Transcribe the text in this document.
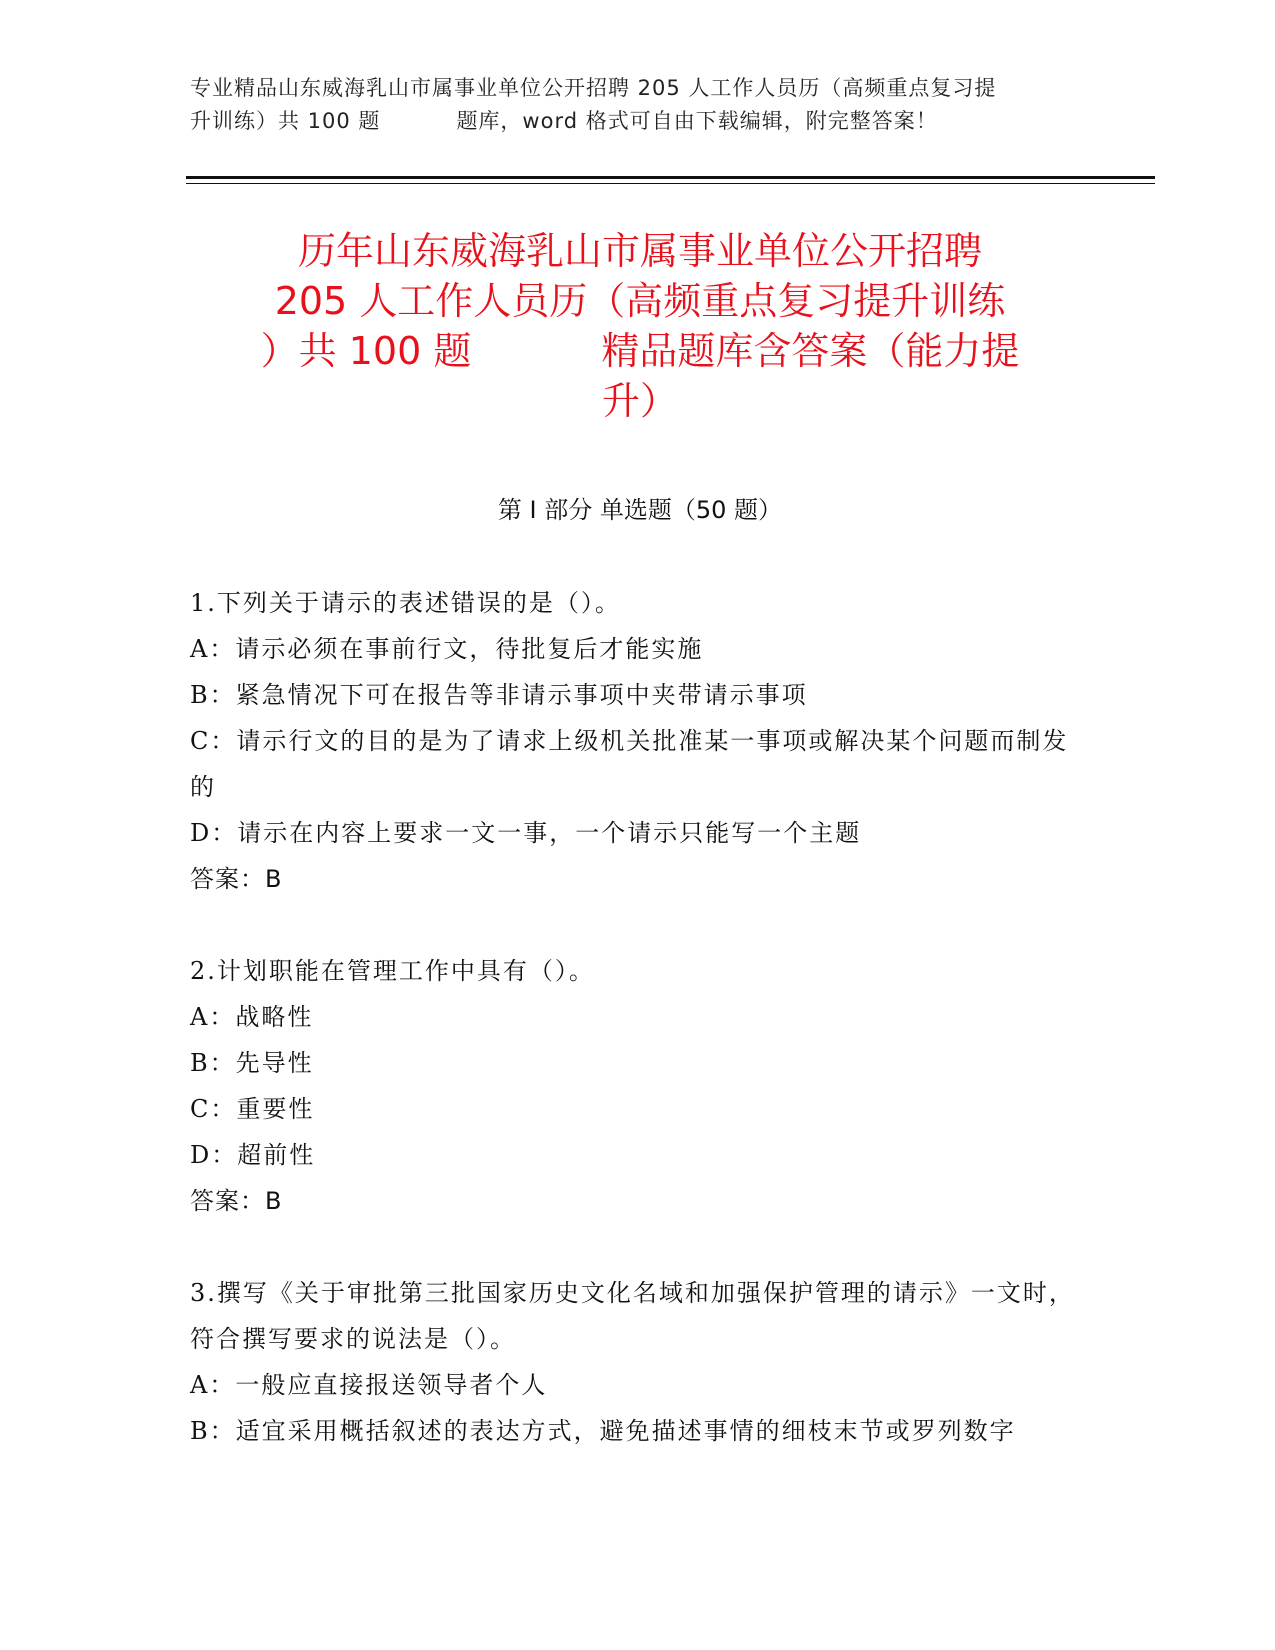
专业精品山东威海乳山市属事业单位公开招聘 205 人工作人员历（高频重点复习提
升训练）共 100 题	题库，word 格式可自由下载编辑，附完整答案！
历年山东威海乳山市属事业单位公开招聘
205 人工作人员历（高频重点复习提升训练
）共 100 题	精品题库含答案（能力提
升）
第 I 部分 单选题（50 题）

1.下列关于请示的表述错误的是（）。

A：请示必须在事前行文，待批复后才能实施

B：紧急情况下可在报告等非请示事项中夹带请示事项

C：请示行文的目的是为了请求上级机关批准某一事项或解决某个问题而制发的

D：请示在内容上要求一文一事，一个请示只能写一个主题

答案：B

2.计划职能在管理工作中具有（）。

A：战略性

B：先导性

C：重要性

D：超前性

答案：B

3.撰写《关于审批第三批国家历史文化名域和加强保护管理的请示》一文时，符合撰写要求的说法是（）。

A：一般应直接报送领导者个人

B：适宜采用概括叙述的表达方式，避免描述事情的细枝末节或罗列数字
